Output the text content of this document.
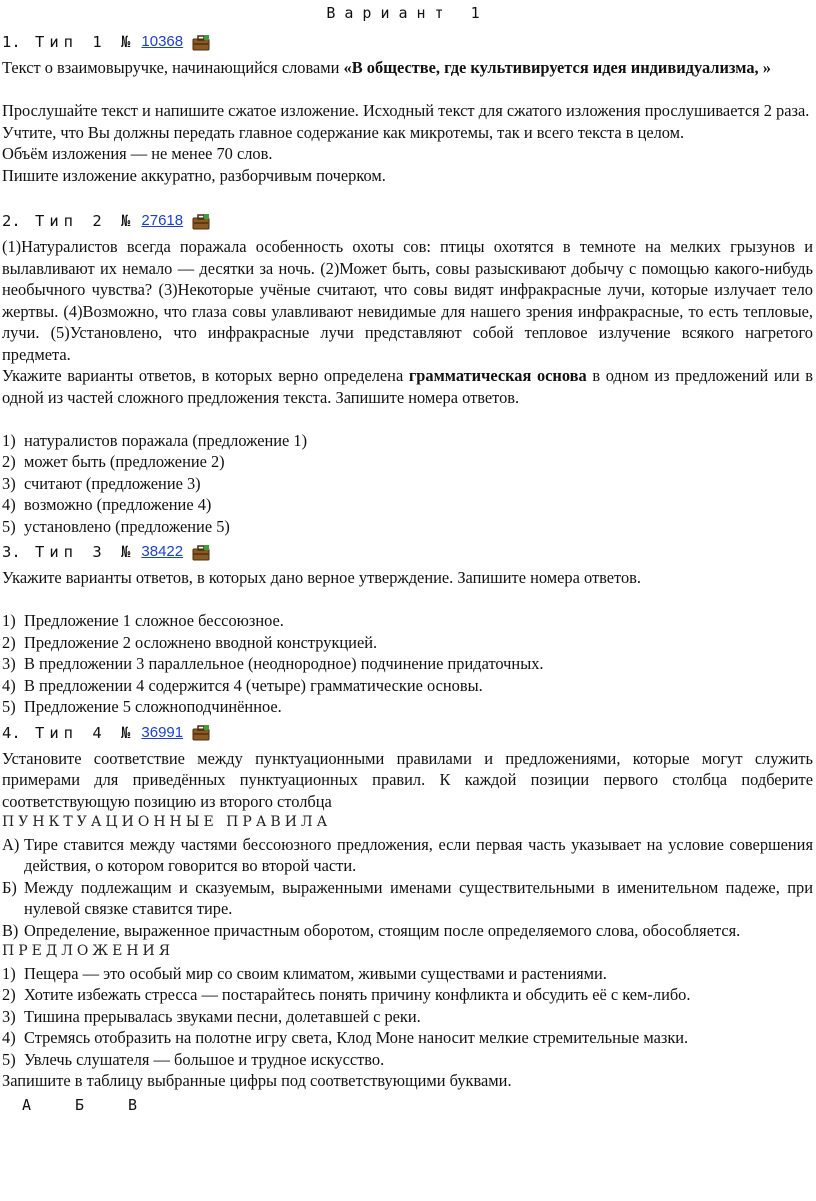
Вариант 1
1. Тип 1 № 10368

Текст о взаимовыручке, начинающийся словами «В обществе, где культивируется идея индивидуализма, »

Прослушайте текст и напишите сжатое изложение. Исходный текст для сжатого изложения прослушивается 2 раза.

Учтите, что Вы должны передать главное содержание как микротемы, так и всего текста в целом.

Объём изложения — не менее 70 слов.

Пишите изложение аккуратно, разборчивым почерком.

2. Тип 2 № 27618

(1)Натуралистов всегда поражала особенность охоты сов: птицы охотятся в темноте на мелких грызунов и вылавливают их немало — десятки за ночь. (2)Может быть, совы разыскивают добычу с помощью какого-нибудь необычного чувства? (3)Некоторые учёные считают, что совы видят инфракрасные лучи, которые излучает тело жертвы. (4)Возможно, что глаза совы улавливают невидимые для нашего зрения инфракрасные, то есть тепловые, лучи. (5)Установлено, что инфракрасные лучи представляют собой тепловое излучение всякого нагретого предмета.

Укажите варианты ответов, в которых верно определена грамматическая основа в одном из предложений или в одной из частей сложного предложения текста. Запишите номера ответов.

1) натуралистов поражала (предложение 1)
2) может быть (предложение 2)
3) считают (предложение 3)
4) возможно (предложение 4)
5) установлено (предложение 5)
3. Тип 3 № 38422

Укажите варианты ответов, в которых дано верное утверждение. Запишите номера ответов.

1) Предложение 1 сложное бессоюзное.
2) Предложение 2 осложнено вводной конструкцией.
3) В предложении 3 параллельное (неоднородное) подчинение придаточных.
4) В предложении 4 содержится 4 (четыре) грамматические основы.
5) Предложение 5 сложноподчинённое.
4. Тип 4 № 36991

Установите соответствие между пунктуационными правилами и предложениями, которые могут служить примерами для приведённых пунктуационных правил. К каждой позиции первого столбца подберите соответствующую позицию из второго столбца

ПУНКТУАЦИОННЫЕ ПРАВИЛА
А) Тире ставится между частями бессоюзного предложения, если первая часть указывает на условие совершения действия, о котором говорится во второй части.
Б) Между подлежащим и сказуемым, выраженными именами существительными в именительном падеже, при нулевой связке ставится тире.
В) Определение, выраженное причастным оборотом, стоящим после определяемого слова, обособляется.
ПРЕДЛОЖЕНИЯ
1) Пещера — это особый мир со своим климатом, живыми существами и растениями.
2) Хотите избежать стресса — постарайтесь понять причину конфликта и обсудить её с кем-либо.
3) Тишина прерывалась звуками песни, долетавшей с реки.
4) Стремясь отобразить на полотне игру света, Клод Моне наносит мелкие стремительные мазки.
5) Увлечь слушателя — большое и трудное искусство.

Запишите в таблицу выбранные цифры под соответствующими буквами.

А	Б	В
